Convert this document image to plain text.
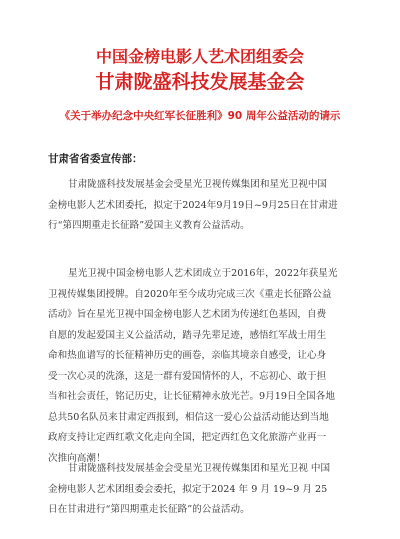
中国金榜电影人艺术团组委会
甘肃陇盛科技发展基金会
《关于举办纪念中央红军长征胜利》90 周年公益活动的请示
甘肃省省委宣传部：
甘肃陇盛科技发展基金会受星光卫视传媒集团和星光卫视中国
金榜电影人艺术团委托，拟定于2024年9月19日~9月25日在甘肃进
行“第四期重走长征路”爱国主义教育公益活动。
星光卫视中国金榜电影人艺术团成立于2016年，2022年获星光
卫视传媒集团授牌。自2020年至今成功完成三次《重走长征路公益
活动》旨在星光卫视中国金榜电影人艺术团为传递红色基因，自费
自愿的发起爱国主义公益活动，踏寻先辈足迹，感悟红军战士用生
命和热血谱写的长征精神历史的画卷，亲临其境亲自感受，让心身
受一次心灵的洗涤，这是一群有爱国情怀的人，不忘初心、敢于担
当和社会责任，铭记历史，让长征精神永放光芒。9月19日全国各地
总共50名队员来甘肃定西报到，相信这一爱心公益活动能达到当地
政府支持让定西红歌文化走向全国，把定西红色文化旅游产业再一
次推向高潮！
甘肃陇盛科技发展基金会受星光卫视传媒集团和星光卫视 中国
金榜电影人艺术团组委会委托，拟定于2024 年 9 月 19~9 月 25
日在甘肃进行“第四期重走长征路”的公益活动。
